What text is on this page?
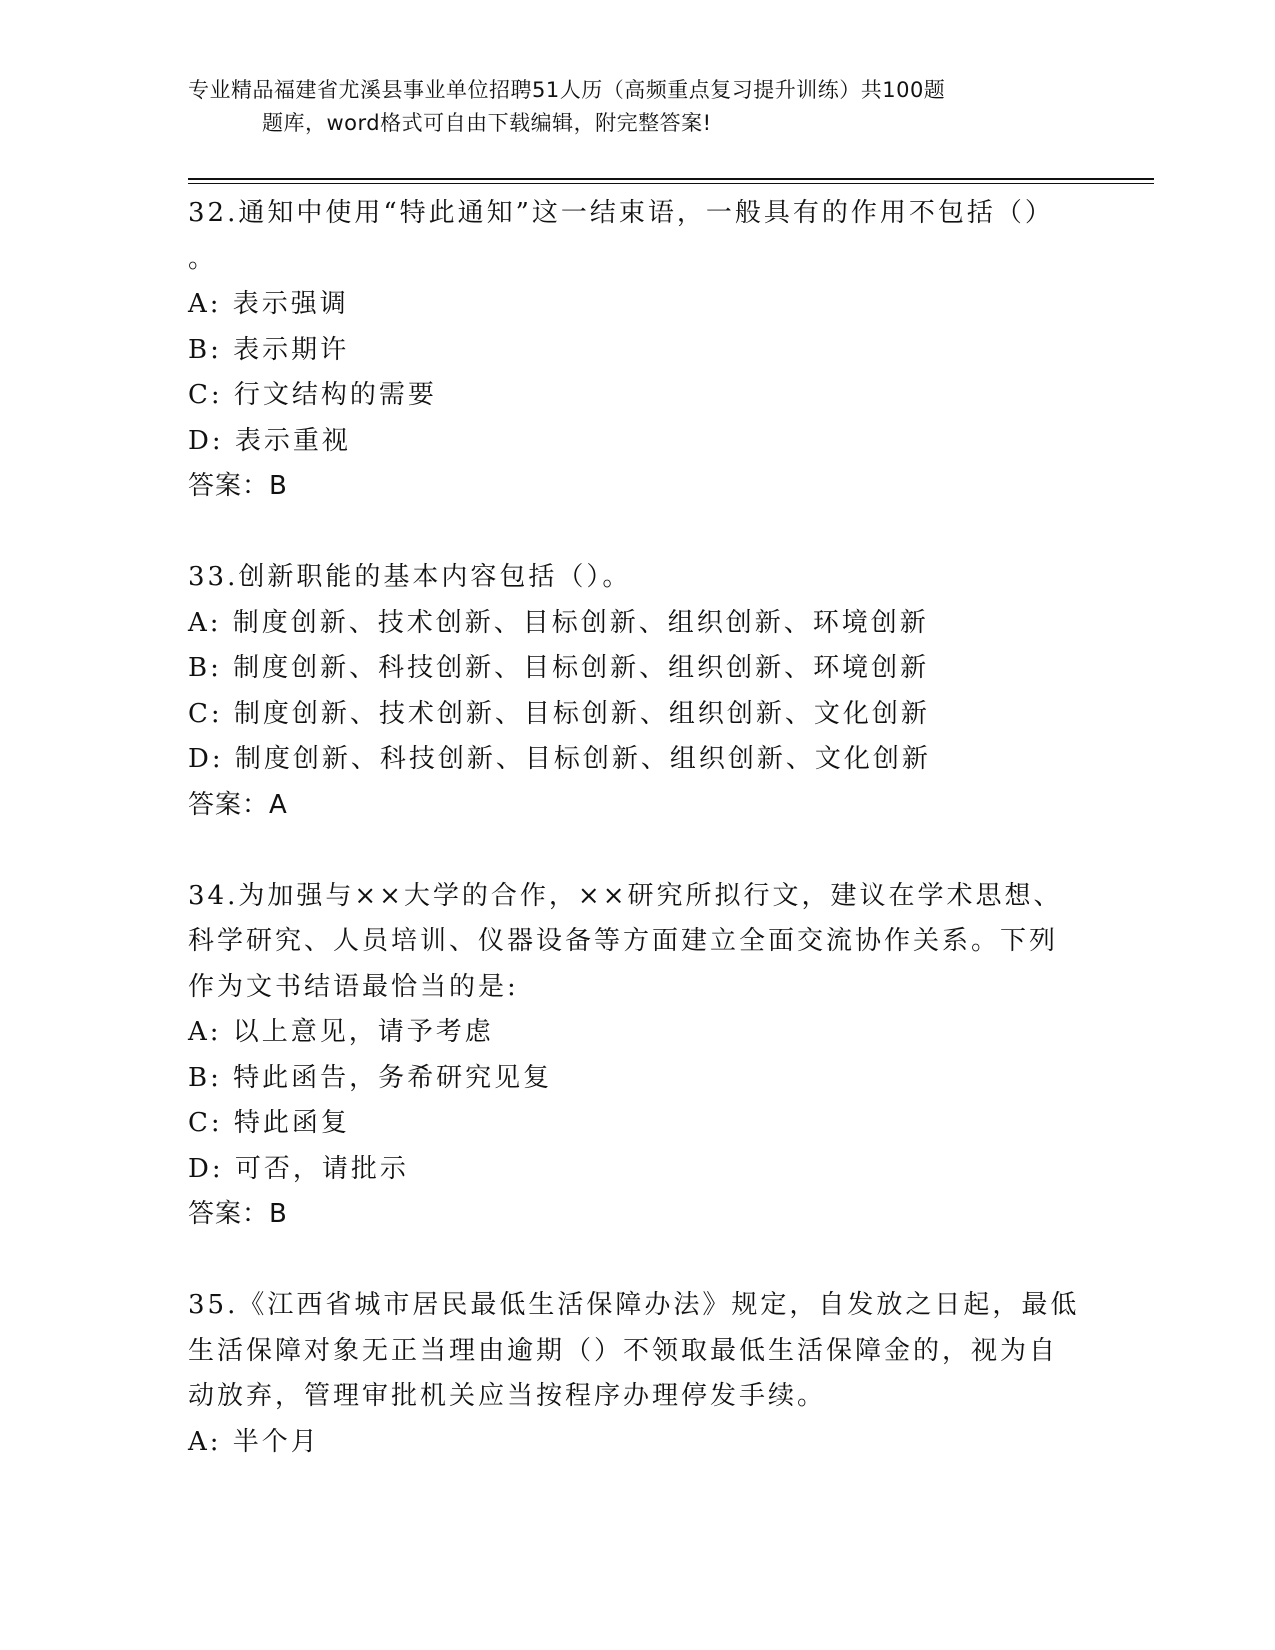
专业精品福建省尤溪县事业单位招聘51人历（高频重点复习提升训练）共100题
题库，word格式可自由下载编辑，附完整答案!
32.通知中使用“特此通知”这一结束语，一般具有的作用不包括（）
。
A: 表示强调
B: 表示期许
C: 行文结构的需要
D: 表示重视
答案：B
33.创新职能的基本内容包括（）。
A: 制度创新、技术创新、目标创新、组织创新、环境创新
B: 制度创新、科技创新、目标创新、组织创新、环境创新
C: 制度创新、技术创新、目标创新、组织创新、文化创新
D: 制度创新、科技创新、目标创新、组织创新、文化创新
答案：A
34.为加强与××大学的合作，××研究所拟行文，建议在学术思想、
科学研究、人员培训、仪器设备等方面建立全面交流协作关系。下列
作为文书结语最恰当的是:
A: 以上意见，请予考虑
B: 特此函告，务希研究见复
C: 特此函复
D: 可否，请批示
答案：B
35.《江西省城市居民最低生活保障办法》规定，自发放之日起，最低
生活保障对象无正当理由逾期（）不领取最低生活保障金的，视为自
动放弃，管理审批机关应当按程序办理停发手续。
A: 半个月
